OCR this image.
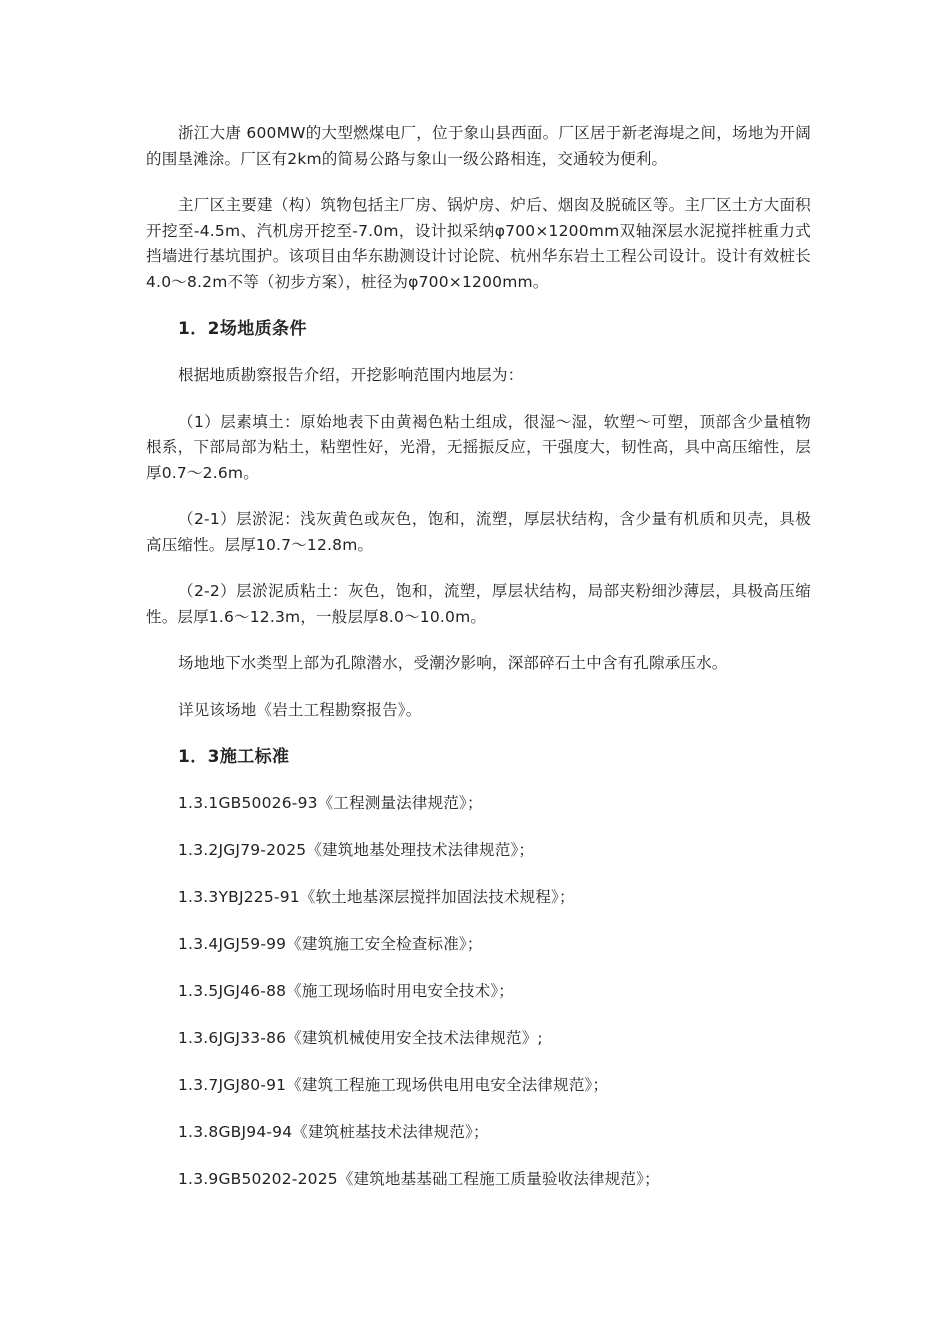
浙江大唐 600MW的大型燃煤电厂，位于象山县西面。厂区居于新老海堤之间，场地为开阔的围垦滩涂。厂区有2km的简易公路与象山一级公路相连，交通较为便利。

主厂区主要建（构）筑物包括主厂房、锅炉房、炉后、烟囱及脱硫区等。主厂区土方大面积开挖至-4.5m、汽机房开挖至-7.0m，设计拟采纳φ700×1200mm双轴深层水泥搅拌桩重力式挡墙进行基坑围护。该项目由华东勘测设计讨论院、杭州华东岩土工程公司设计。设计有效桩长4.0～8.2m不等（初步方案），桩径为φ700×1200mm。

1．2场地质条件

根据地质勘察报告介绍，开挖影响范围内地层为：

（1）层素填土：原始地表下由黄褐色粘土组成，很湿～湿，软塑～可塑，顶部含少量植物根系，下部局部为粘土，粘塑性好，光滑，无摇振反应，干强度大，韧性高，具中高压缩性，层厚0.7～2.6m。

（2-1）层淤泥：浅灰黄色或灰色，饱和，流塑，厚层状结构，含少量有机质和贝壳，具极高压缩性。层厚10.7～12.8m。

（2-2）层淤泥质粘土：灰色，饱和，流塑，厚层状结构，局部夹粉细沙薄层，具极高压缩性。层厚1.6～12.3m，一般层厚8.0～10.0m。

场地地下水类型上部为孔隙潜水，受潮汐影响，深部碎石土中含有孔隙承压水。

详见该场地《岩土工程勘察报告》。

1．3施工标准

1.3.1GB50026-93《工程测量法律规范》；

1.3.2JGJ79-2025《建筑地基处理技术法律规范》；

1.3.3YBJ225-91《软土地基深层搅拌加固法技术规程》；

1.3.4JGJ59-99《建筑施工安全检查标准》；

1.3.5JGJ46-88《施工现场临时用电安全技术》；

1.3.6JGJ33-86《建筑机械使用安全技术法律规范》;

1.3.7JGJ80-91《建筑工程施工现场供电用电安全法律规范》；

1.3.8GBJ94-94《建筑桩基技术法律规范》；

1.3.9GB50202-2025《建筑地基基础工程施工质量验收法律规范》；
